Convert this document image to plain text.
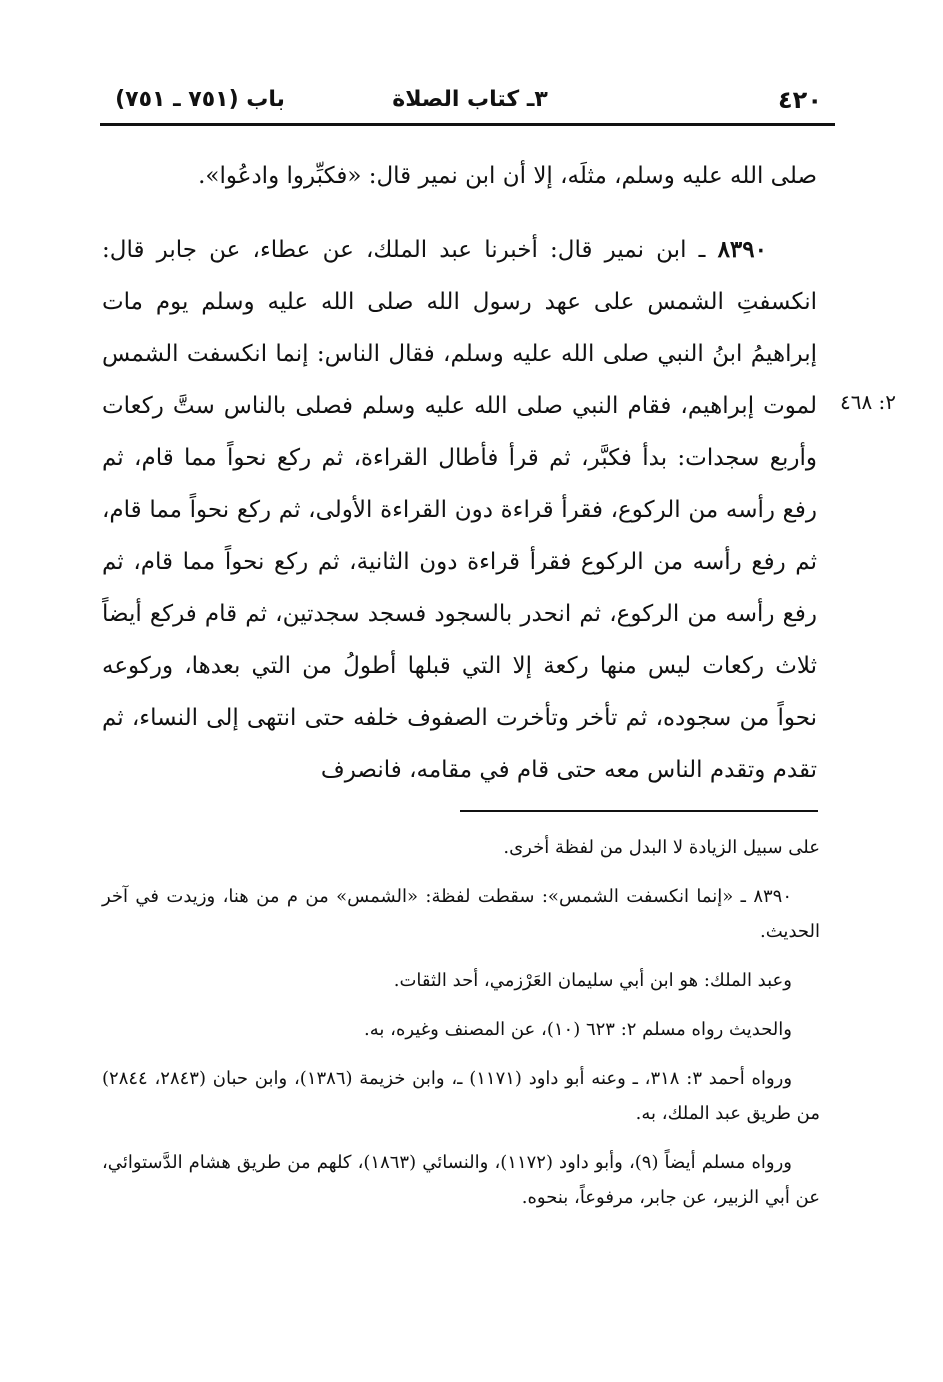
٤٢٠
٣ـ كتاب الصلاة
باب (٧٥١ ـ ٧٥١)

صلى الله عليه وسلم، مثلَه، إلا أن ابن نمير قال: «فكبِّروا وادعُوا».

٨٣٩٠ ـ ابن نمير قال: أخبرنا عبد الملك، عن عطاء، عن جابر قال: انكسفتِ الشمس على عهد رسول الله صلى الله عليه وسلم يوم مات إبراهيمُ ابنُ النبي صلى الله عليه وسلم، فقال الناس: إنما انكسفت الشمس لموت إبراهيم، فقام النبي صلى الله عليه وسلم فصلى بالناس ستَّ ركعات وأربع سجدات: بدأ فكبَّر، ثم قرأ فأطال القراءة، ثم ركع نحواً مما قام، ثم رفع رأسه من الركوع، فقرأ قراءة دون القراءة الأولى، ثم ركع نحواً مما قام، ثم رفع رأسه من الركوع فقرأ قراءة دون الثانية، ثم ركع نحواً مما قام، ثم رفع رأسه من الركوع، ثم انحدر بالسجود فسجد سجدتين، ثم قام فركع أيضاً ثلاث ركعات ليس منها ركعة إلا التي قبلها أطولُ من التي بعدها، وركوعه نحواً من سجوده، ثم تأخر وتأخرت الصفوف خلفه حتى انتهى إلى النساء، ثم تقدم وتقدم الناس معه حتى قام في مقامه، فانصرف

٢: ٤٦٨

على سبيل الزيادة لا البدل من لفظة أخرى.

٨٣٩٠ ـ «إنما انكسفت الشمس»: سقطت لفظة: «الشمس» من م من هنا، وزيدت في آخر الحديث.

وعبد الملك: هو ابن أبي سليمان العَرْزمي، أحد الثقات.

والحديث رواه مسلم ٢: ٦٢٣ (١٠)، عن المصنف وغيره، به.

ورواه أحمد ٣: ٣١٨، ـ وعنه أبو داود (١١٧١) ـ، وابن خزيمة (١٣٨٦)، وابن حبان (٢٨٤٣، ٢٨٤٤) من طريق عبد الملك، به.

ورواه مسلم أيضاً (٩)، وأبو داود (١١٧٢)، والنسائي (١٨٦٣)، كلهم من طريق هشام الدَّستوائي، عن أبي الزبير، عن جابر، مرفوعاً، بنحوه.
